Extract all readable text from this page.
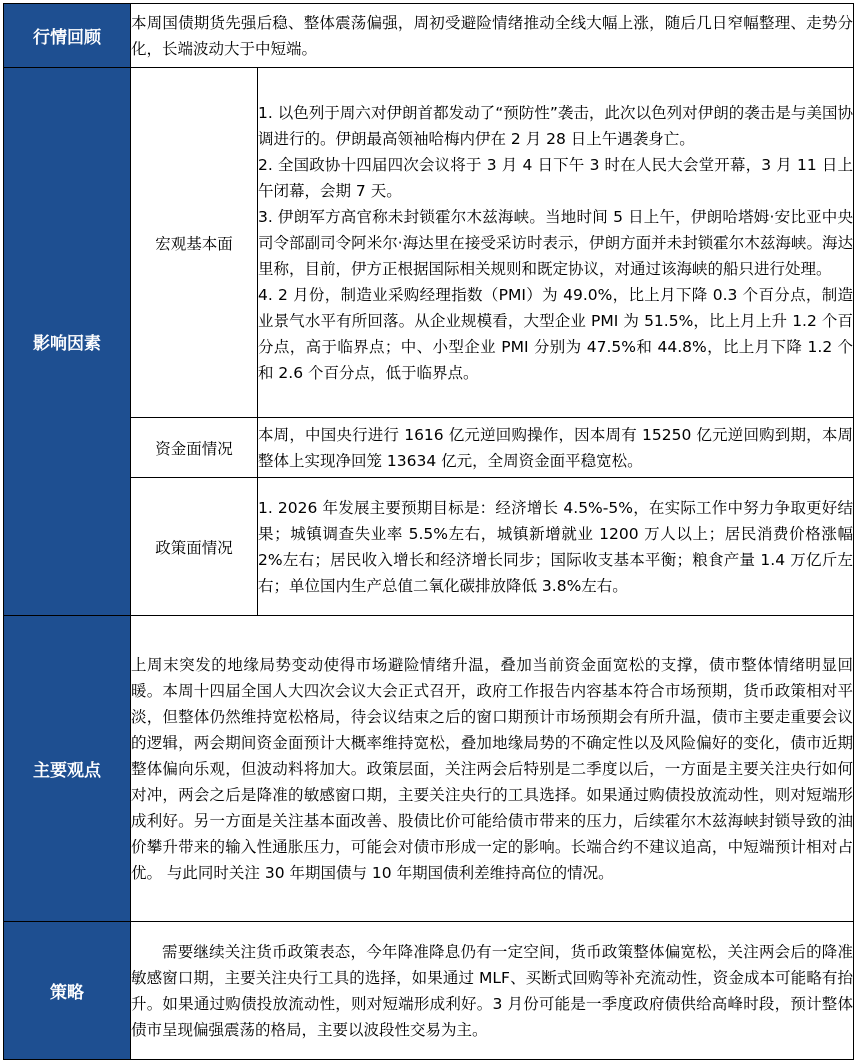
行情回顾	本周国债期货先强后稳、整体震荡偏强，周初受避险情绪推动全线大幅上涨，随后几日窄幅整理、走势分化，长端波动大于中短端。	
影响因素	宏观基本面	1. 以色列于周六对伊朗首都发动了“预防性”袭击，此次以色列对伊朗的袭击是与美国协调进行的。伊朗最高领袖哈梅内伊在 2 月 28 日上午遇袭身亡。

2. 全国政协十四届四次会议将于 3 月 4 日下午 3 时在人民大会堂开幕，3 月 11 日上午闭幕，会期 7 天。

3. 伊朗军方高官称未封锁霍尔木兹海峡。当地时间 5 日上午，伊朗哈塔姆·安比亚中央司令部副司令阿米尔·海达里在接受采访时表示，伊朗方面并未封锁霍尔木兹海峡。海达里称，目前，伊方正根据国际相关规则和既定协议，对通过该海峡的船只进行处理。

4. 2 月份，制造业采购经理指数（PMI）为 49.0%，比上月下降 0.3 个百分点，制造业景气水平有所回落。从企业规模看，大型企业 PMI 为 51.5%，比上月上升 1.2 个百分点，高于临界点；中、小型企业 PMI 分别为 47.5%和 44.8%，比上月下降 1.2 个和 2.6 个百分点，低于临界点。

	资金面情况	本周，中国央行进行 1616 亿元逆回购操作，因本周有 15250 亿元逆回购到期，本周整体上实现净回笼 13634 亿元，全周资金面平稳宽松。
	政策面情况	1. 2026 年发展主要预期目标是：经济增长 4.5%-5%，在实际工作中努力争取更好结果；城镇调查失业率 5.5%左右，城镇新增就业 1200 万人以上；居民消费价格涨幅 2%左右；居民收入增长和经济增长同步；国际收支基本平衡；粮食产量 1.4 万亿斤左右；单位国内生产总值二氧化碳排放降低 3.8%左右。
主要观点	上周末突发的地缘局势变动使得市场避险情绪升温，叠加当前资金面宽松的支撑，债市整体情绪明显回暖。本周十四届全国人大四次会议大会正式召开，政府工作报告内容基本符合市场预期，货币政策相对平淡，但整体仍然维持宽松格局，待会议结束之后的窗口期预计市场预期会有所升温，债市主要走重要会议的逻辑，两会期间资金面预计大概率维持宽松，叠加地缘局势的不确定性以及风险偏好的变化，债市近期整体偏向乐观，但波动料将加大。政策层面，关注两会后特别是二季度以后，一方面是主要关注央行如何对冲，两会之后是降准的敏感窗口期，主要关注央行的工具选择。如果通过购债投放流动性，则对短端形成利好。另一方面是关注基本面改善、股债比价可能给债市带来的压力，后续霍尔木兹海峡封锁导致的油价攀升带来的输入性通胀压力，可能会对债市形成一定的影响。长端合约不建议追高，中短端预计相对占优。 与此同时关注 30 年期国债与 10 年期国债利差维持高位的情况。	
策略	需要继续关注货币政策表态，今年降准降息仍有一定空间，货币政策整体偏宽松，关注两会后的降准敏感窗口期，主要关注央行工具的选择，如果通过 MLF、买断式回购等补充流动性，资金成本可能略有抬升。如果通过购债投放流动性，则对短端形成利好。3 月份可能是一季度政府债供给高峰时段，预计整体债市呈现偏强震荡的格局，主要以波段性交易为主。	
